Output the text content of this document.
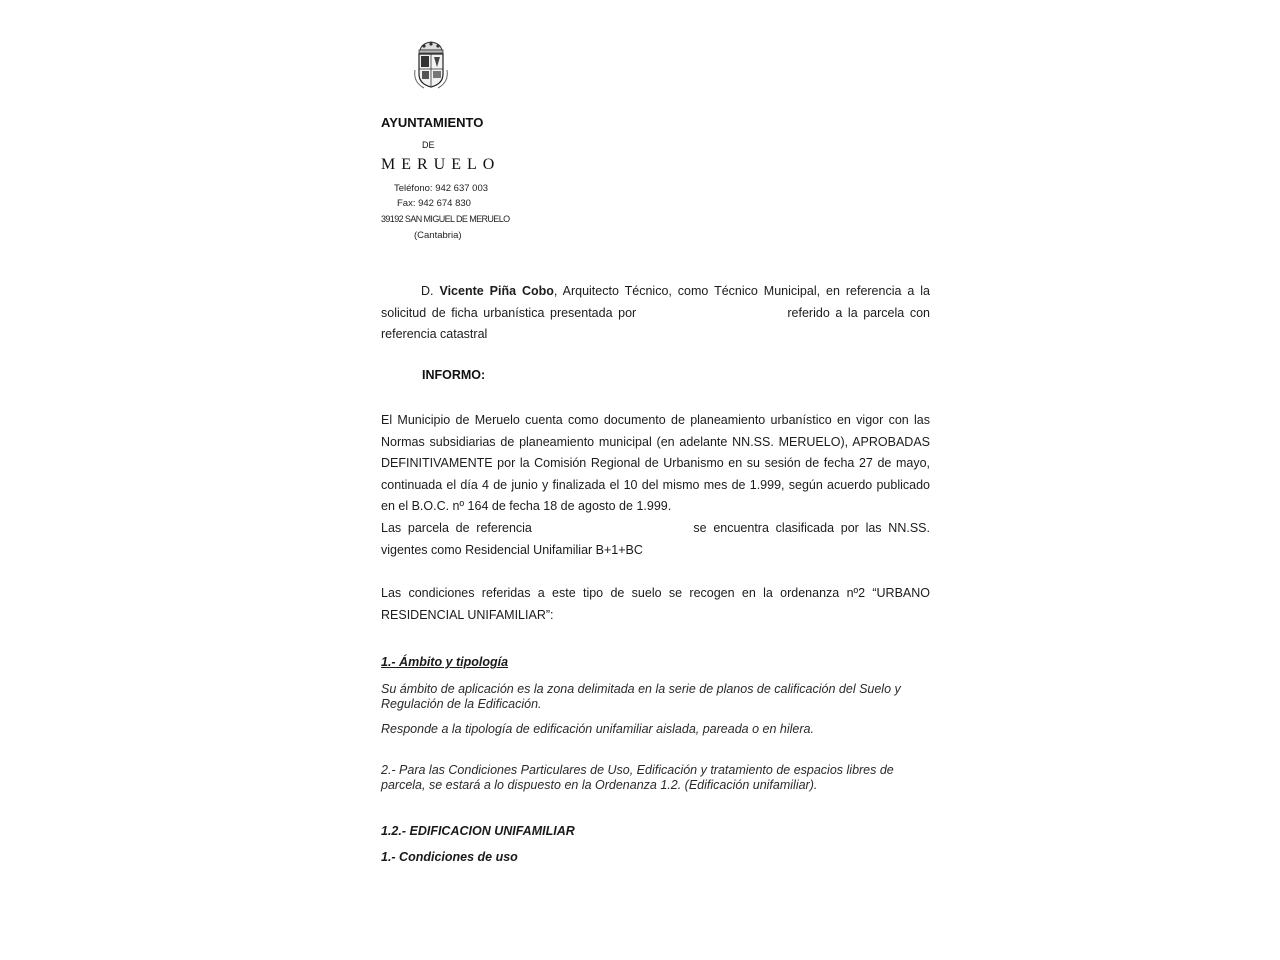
AYUNTAMIENTO
DE
MERUELO
Teléfono: 942 637 003
Fax: 942 674 830
39192 SAN MIGUEL DE MERUELO
(Cantabria)
D. Vicente Piña Cobo, Arquitecto Técnico, como Técnico Municipal, en referencia a la solicitud de ficha urbanística presentada por	referido a la parcela con referencia catastral
INFORMO:
El Municipio de Meruelo cuenta como documento de planeamiento urbanístico en vigor con las Normas subsidiarias de planeamiento municipal (en adelante NN.SS. MERUELO), APROBADAS DEFINITIVAMENTE por la Comisión Regional de Urbanismo en su sesión de fecha 27 de mayo, continuada el día 4 de junio y finalizada el 10 del mismo mes de 1.999, según acuerdo publicado en el B.O.C. nº 164 de fecha 18 de agosto de 1.999.
Las parcela de referencia	se encuentra clasificada por las NN.SS. vigentes como Residencial Unifamiliar B+1+BC
Las condiciones referidas a este tipo de suelo se recogen en la ordenanza nº2 “URBANO RESIDENCIAL UNIFAMILIAR”:
1.- Ámbito y tipología
Su ámbito de aplicación es la zona delimitada en la serie de planos de calificación del Suelo y Regulación de la Edificación.
Responde a la tipología de edificación unifamiliar aislada, pareada o en hilera.
2.- Para las Condiciones Particulares de Uso, Edificación y tratamiento de espacios libres de parcela, se estará a lo dispuesto en la Ordenanza 1.2. (Edificación unifamiliar).
1.2.- EDIFICACION UNIFAMILIAR
1.- Condiciones de uso
